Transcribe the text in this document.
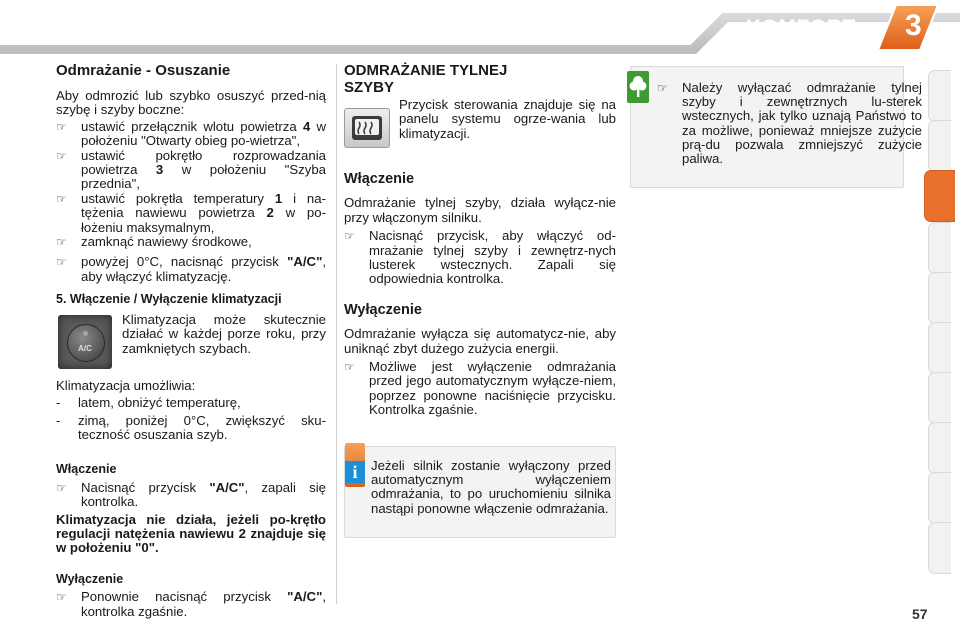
KOMFORT 3

Odmrażanie - Osuszanie

Aby odmrozić lub szybko osuszyć przed-nią szybę i szyby boczne:

☞ ustawić przełącznik wlotu powietrza 4 w położeniu "Otwarty obieg po-wietrza",

☞ ustawić pokrętło rozprowadzania powietrza 3 w położeniu "Szyba przednia",

☞ ustawić pokrętła temperatury 1 i na-tężenia nawiewu powietrza 2 w po-łożeniu maksymalnym,

☞ zamknąć nawiewy środkowe,

☞ powyżej 0°C, nacisnąć przycisk "A/C", aby włączyć klimatyzację.

5. Włączenie / Wyłączenie klimatyzacji

A/C

Klimatyzacja może skutecznie działać w każdej porze roku, przy zamkniętych szybach.

Klimatyzacja umożliwia:

- latem, obniżyć temperaturę,

- zimą, poniżej 0°C, zwiększyć sku-teczność osuszania szyb.

Włączenie

☞ Nacisnąć przycisk "A/C", zapali się kontrolka.

Klimatyzacja nie działa, jeżeli po-krętło regulacji natężenia nawiewu 2 znajduje się w położeniu "0".

Wyłączenie

☞ Ponownie nacisnąć przycisk "A/C", kontrolka zgaśnie.

ODMRAŻANIE TYLNEJ
SZYBY

Przycisk sterowania znajduje się na panelu systemu ogrze-wania lub klimatyzacji.

Włączenie

Odmrażanie tylnej szyby, działa wyłącz-nie przy włączonym silniku.

☞ Nacisnąć przycisk, aby włączyć od-mrażanie tylnej szyby i zewnętrz-nych lusterek wstecznych. Zapali się odpowiednia kontrolka.

Wyłączenie

Odmrażanie wyłącza się automatycz-nie, aby uniknąć zbyt dużego zużycia energii.

☞ Możliwe jest wyłączenie odmrażania przed jego automatycznym wyłącze-niem, poprzez ponowne naciśnięcie przycisku. Kontrolka zgaśnie.

i	Jeżeli silnik zostanie wyłączony przed automatycznym wyłączeniem odmrażania, to po uruchomieniu silnika nastąpi ponowne włączenie odmrażania.

☞ Należy wyłączać odmrażanie tylnej szyby i zewnętrznych lu-sterek wstecznych, jak tylko uznają Państwo to za możliwe, ponieważ mniejsze zużycie prą-du pozwala zmniejszyć zużycie paliwa.

57
